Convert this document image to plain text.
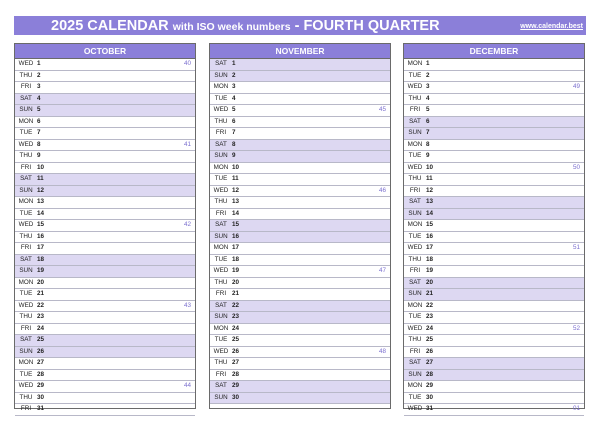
2025 CALENDAR with ISO week numbers - FOURTH QUARTER	www.calendar.best
OCTOBER
WED 1	40
THU 2
FRI 3
SAT 4
SUN 5
MON 6
TUE 7
WED 8	41
THU 9
FRI 10
SAT 11
SUN 12
MON 13
TUE 14
WED 15	42
THU 16
FRI 17
SAT 18
SUN 19
MON 20
TUE 21
WED 22	43
THU 23
FRI 24
SAT 25
SUN 26
MON 27
TUE 28
WED 29	44
THU 30
FRI 31
NOVEMBER
SAT 1
SUN 2
MON 3
TUE 4
WED 5	45
THU 6
FRI 7
SAT 8
SUN 9
MON 10
TUE 11
WED 12	46
THU 13
FRI 14
SAT 15
SUN 16
MON 17
TUE 18
WED 19	47
THU 20
FRI 21
SAT 22
SUN 23
MON 24
TUE 25
WED 26	48
THU 27
FRI 28
SAT 29
SUN 30
DECEMBER
MON 1
TUE 2
WED 3	49
THU 4
FRI 5
SAT 6
SUN 7
MON 8
TUE 9
WED 10	50
THU 11
FRI 12
SAT 13
SUN 14
MON 15
TUE 16
WED 17	51
THU 18
FRI 19
SAT 20
SUN 21
MON 22
TUE 23
WED 24	52
THU 25
FRI 26
SAT 27
SUN 28
MON 29
TUE 30
WED 31	01
